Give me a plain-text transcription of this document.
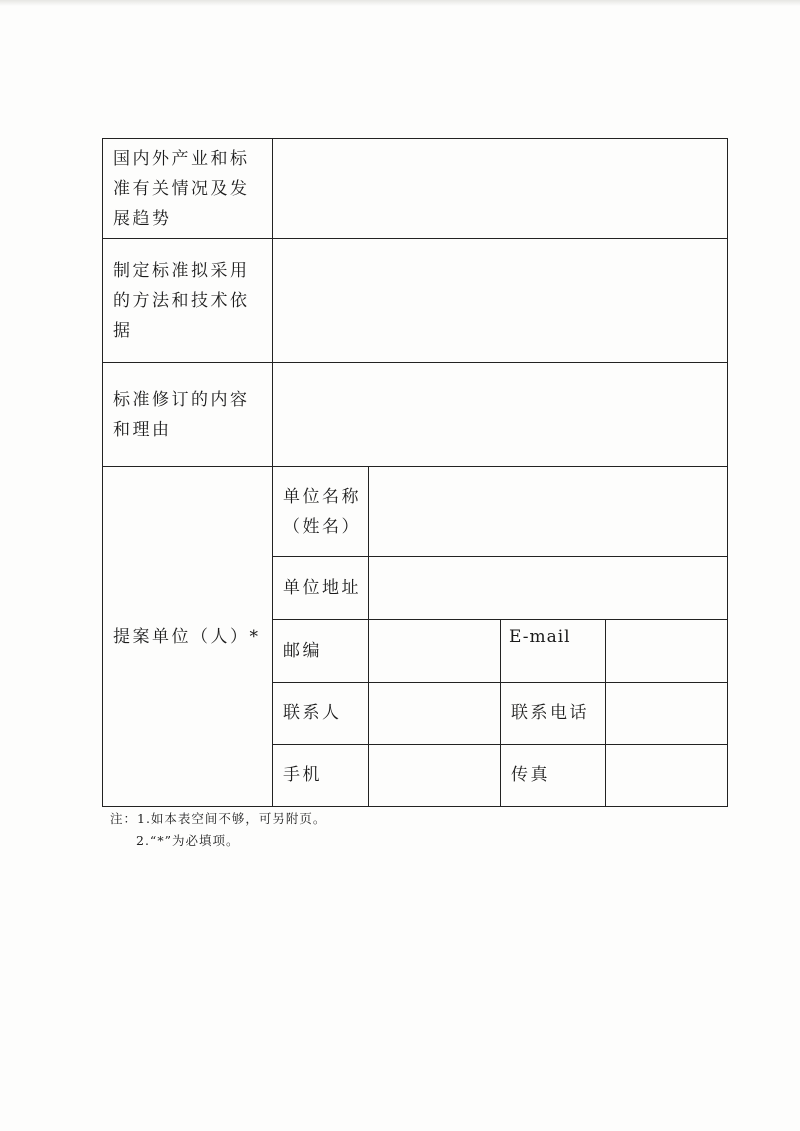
国内外产业和标准有关情况及发展趋势				
制定标准拟采用的方法和技术依据				
标准修订的内容和理由				
提案单位（人）*	单位名称（姓名）			
	单位地址			
	邮编		E-mail	
	联系人		联系电话	
	手机		传真	
注：1.如本表空间不够，可另附页。
2.“*”为必填项。
